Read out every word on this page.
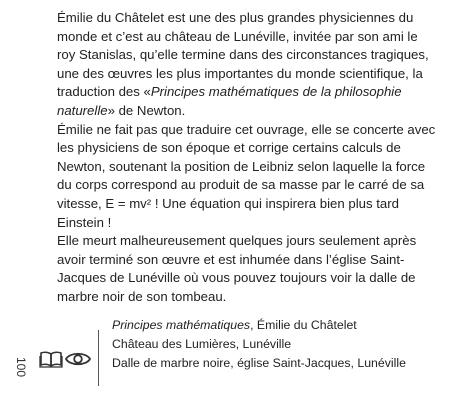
Émilie du Châtelet est une des plus grandes physiciennes du monde et c’est au château de Lunéville, invitée par son ami le roy Stanislas, qu’elle termine dans des circonstances tragiques, une des œuvres les plus importantes du monde scientifique, la traduction des «Principes mathématiques de la philosophie naturelle» de Newton.

Émilie ne fait pas que traduire cet ouvrage, elle se concerte avec les physiciens de son époque et corrige certains calculs de Newton, soutenant la position de Leibniz selon laquelle la force du corps correspond au produit de sa masse par le carré de sa vitesse, E = mv² ! Une équation qui inspirera bien plus tard Einstein !

Elle meurt malheureusement quelques jours seulement après avoir terminé son œuvre et est inhumée dans l’église Saint-Jacques de Lunéville où vous pouvez toujours voir la dalle de marbre noir de son tombeau.

100
Principes mathématiques, Émilie du Châtelet
Château des Lumières, Lunéville
Dalle de marbre noire, église Saint-Jacques, Lunéville
